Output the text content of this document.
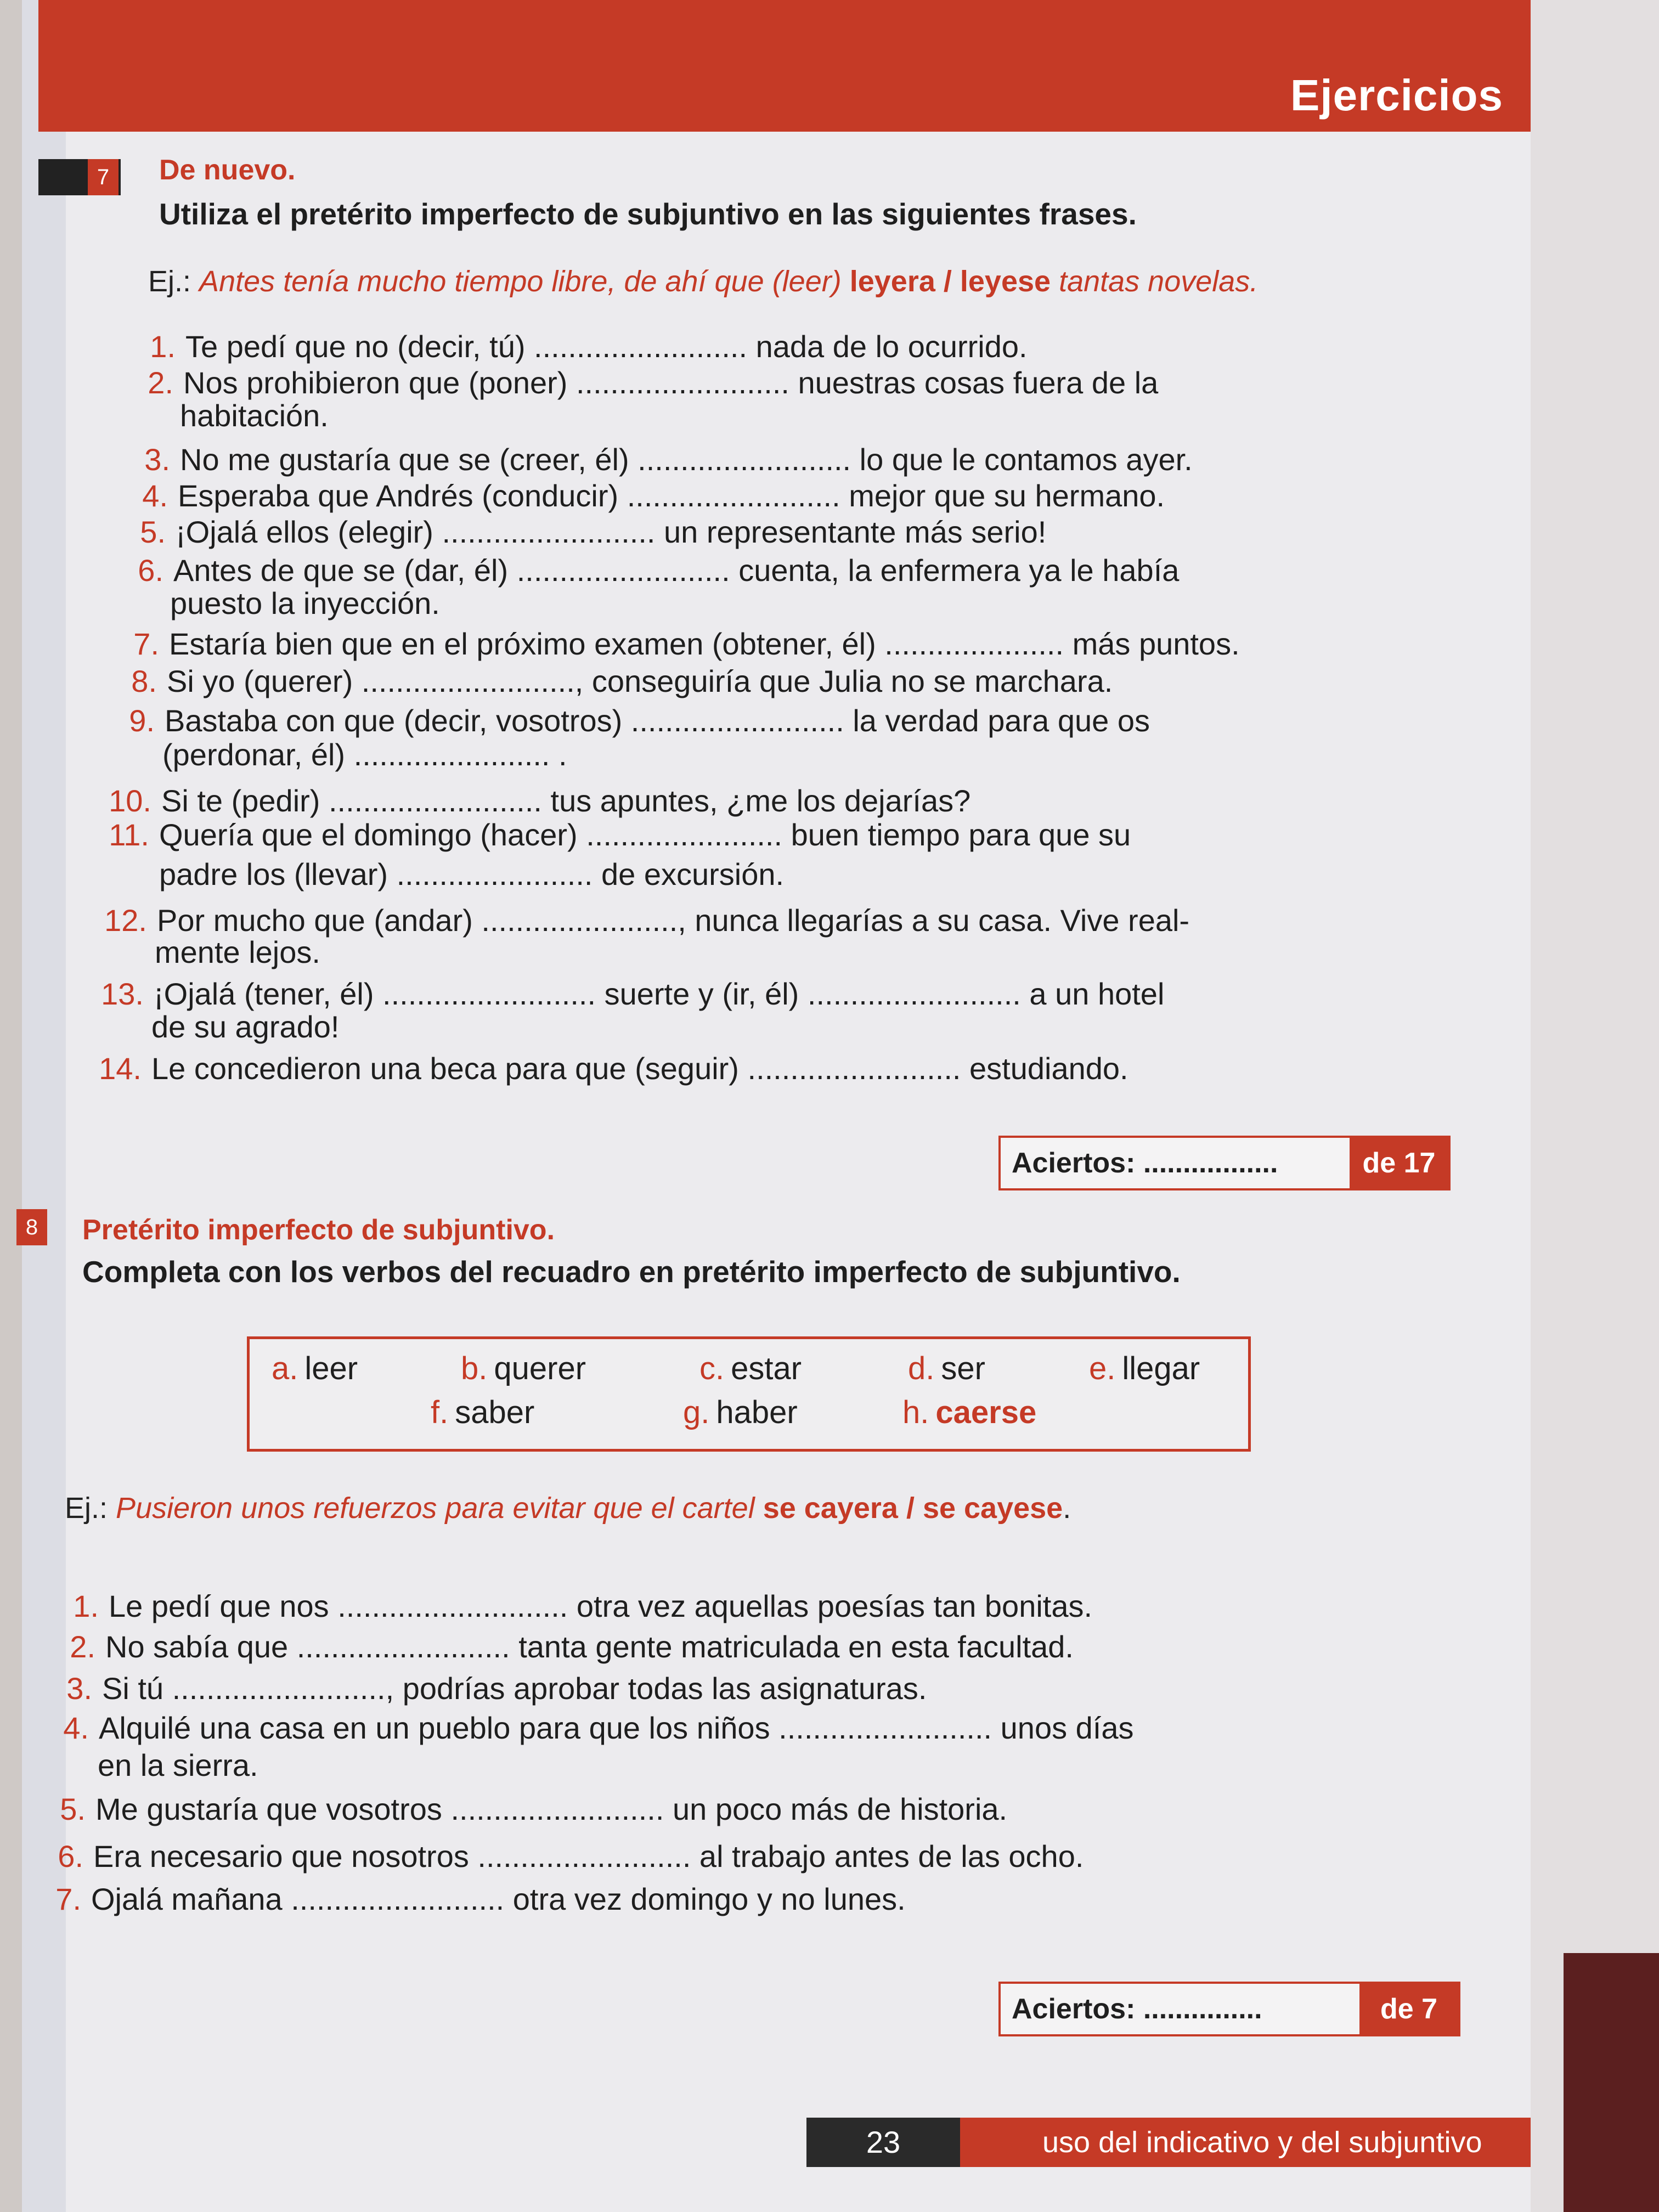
Ejercicios
7	De nuevo.
Utiliza el pretérito imperfecto de subjuntivo en las siguientes frases.
Ej.: Antes tenía mucho tiempo libre, de ahí que (leer) leyera / leyese tantas novelas.
1. Te pedí que no (decir, tú) ......................... nada de lo ocurrido.
2. Nos prohibieron que (poner) ......................... nuestras cosas fuera de la
habitación.
3. No me gustaría que se (creer, él) ......................... lo que le contamos ayer.
4. Esperaba que Andrés (conducir) ......................... mejor que su hermano.
5. ¡Ojalá ellos (elegir) ......................... un representante más serio!
6. Antes de que se (dar, él) ......................... cuenta, la enfermera ya le había
puesto la inyección.
7. Estaría bien que en el próximo examen (obtener, él) ..................... más puntos.
8. Si yo (querer) ........................., conseguiría que Julia no se marchara.
9. Bastaba con que (decir, vosotros) ......................... la verdad para que os
(perdonar, él) ....................... .
10. Si te (pedir) ......................... tus apuntes, ¿me los dejarías?
11. Quería que el domingo (hacer) ....................... buen tiempo para que su
padre los (llevar) ....................... de excursión.
12. Por mucho que (andar) ......................., nunca llegarías a su casa. Vive real-
mente lejos.
13. ¡Ojalá (tener, él) ......................... suerte y (ir, él) ......................... a un hotel
de su agrado!
14. Le concedieron una beca para que (seguir) ......................... estudiando.
Aciertos: .................	de 17
8	Pretérito imperfecto de subjuntivo.
Completa con los verbos del recuadro en pretérito imperfecto de subjuntivo.
a. leer	b. querer	c. estar	d. ser	e. llegar
f. saber	g. haber	h. caerse
Ej.: Pusieron unos refuerzos para evitar que el cartel se cayera / se cayese.
1. Le pedí que nos ........................... otra vez aquellas poesías tan bonitas.
2. No sabía que ......................... tanta gente matriculada en esta facultad.
3. Si tú ........................., podrías aprobar todas las asignaturas.
4. Alquilé una casa en un pueblo para que los niños ......................... unos días
en la sierra.
5. Me gustaría que vosotros ......................... un poco más de historia.
6. Era necesario que nosotros ......................... al trabajo antes de las ocho.
7. Ojalá mañana ......................... otra vez domingo y no lunes.
Aciertos: ...............	de 7
23	uso del indicativo y del subjuntivo
